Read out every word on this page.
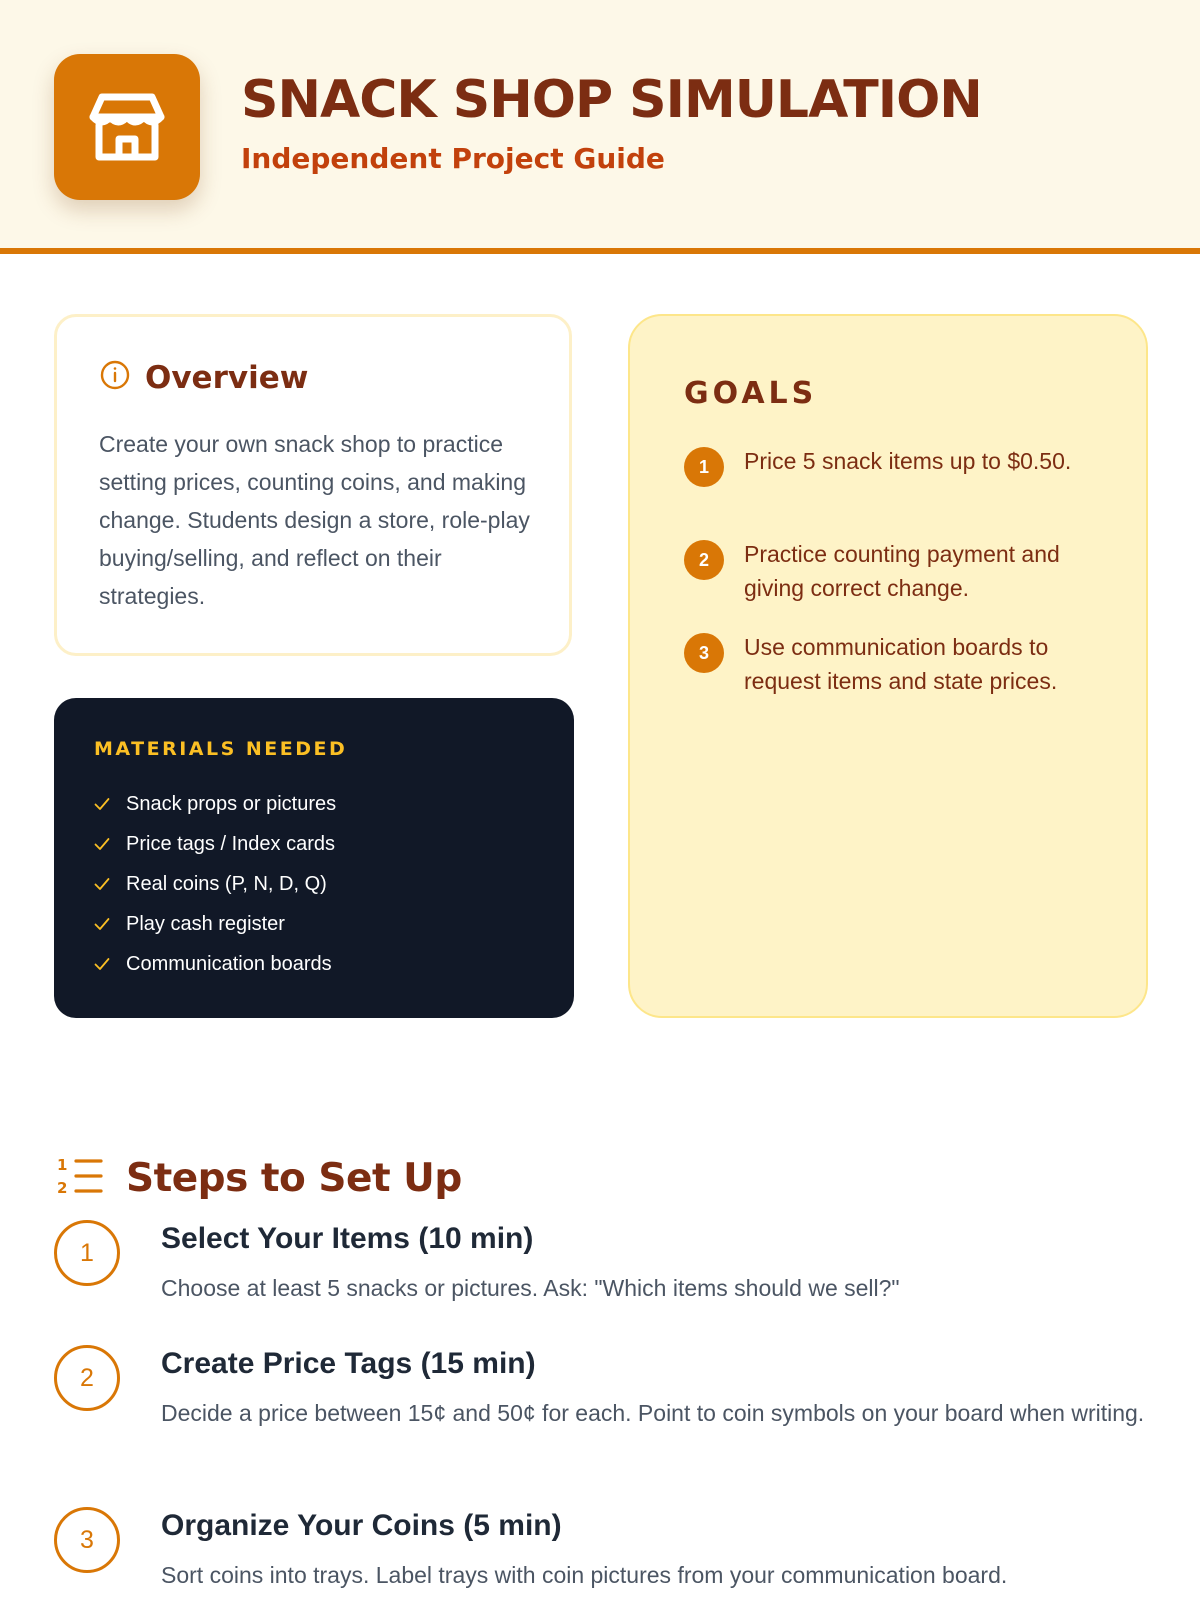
SNACK SHOP SIMULATION

Independent Project Guide

Overview

Create your own snack shop to practice setting prices, counting coins, and making change. Students design a store, role-play buying/selling, and reflect on their strategies.

MATERIALS NEEDED
Snack props or pictures
Price tags / Index cards
Real coins (P, N, D, Q)
Play cash register
Communication boards
GOALS
1	Price 5 snack items up to $0.50.
2	Practice counting payment and giving correct change.
3	Use communication boards to request items and state prices.
1
2 Steps to Set Up
1	Select Your Items (10 min)

Choose at least 5 snacks or pictures. Ask: "Which items should we sell?"

2	Create Price Tags (15 min)

Decide a price between 15¢ and 50¢ for each. Point to coin symbols on your board when writing.

3	Organize Your Coins (5 min)

Sort coins into trays. Label trays with coin pictures from your communication board.
